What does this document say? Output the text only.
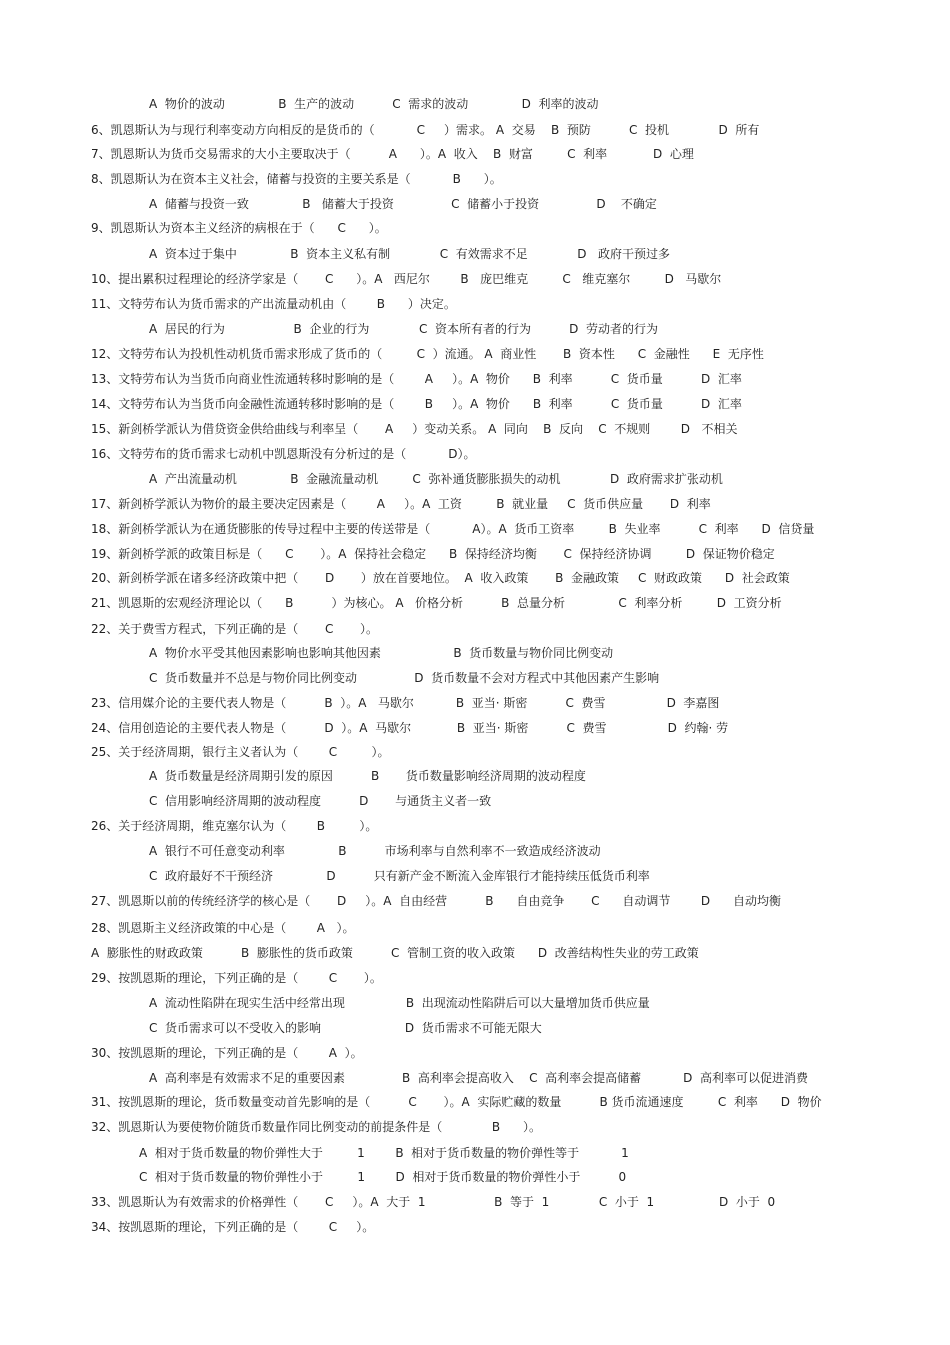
A  物价的波动              B  生产的波动          C  需求的波动              D  利率的波动
6、凯恩斯认为与现行利率变动方向相反的是货币的（           C     ）需求。 A  交易    B  预防          C  投机             D  所有
7、凯恩斯认为货币交易需求的大小主要取决于（          A      ）。A  收入    B  财富         C  利率            D  心理
8、凯恩斯认为在资本主义社会，储蓄与投资的主要关系是（           B      ）。
A  储蓄与投资一致              B   储蓄大于投资               C  储蓄小于投资               D    不确定
9、凯恩斯认为资本主义经济的病根在于（      C      ）。
A  资本过于集中              B  资本主义私有制             C  有效需求不足             D   政府干预过多
10、提出累积过程理论的经济学家是（       C      ）。A   西尼尔        B   庞巴维克         C   维克塞尔         D   马歇尔
11、文特劳布认为货币需求的产出流量动机由（        B      ）决定。
A  居民的行为                  B  企业的行为             C  资本所有者的行为          D  劳动者的行为
12、文特劳布认为投机性动机货币需求形成了货币的（         C  ）流通。 A  商业性       B  资本性      C  金融性      E  无序性
13、文特劳布认为当货币向商业性流通转移时影响的是（        A     ）。A  物价      B  利率          C  货币量          D  汇率
14、文特劳布认为当货币向金融性流通转移时影响的是（        B     ）。A  物价      B  利率          C  货币量          D  汇率
15、新剑桥学派认为借贷资金供给曲线与利率呈（       A     ）变动关系。 A  同向    B  反向    C  不规则        D   不相关
16、文特劳布的货币需求七动机中凯恩斯没有分析过的是（           D）。
A  产出流量动机              B  金融流量动机         C  弥补通货膨胀损失的动机             D  政府需求扩张动机
17、新剑桥学派认为物价的最主要决定因素是（        A     ）。A  工资         B  就业量     C  货币供应量       D  利率
18、新剑桥学派认为在通货膨胀的传导过程中主要的传送带是（           A）。A  货币工资率         B  失业率          C  利率      D  信贷量
19、新剑桥学派的政策目标是（      C       ）。A  保持社会稳定      B  保持经济均衡       C  保持经济协调         D  保证物价稳定
20、新剑桥学派在诸多经济政策中把（       D       ）放在首要地位。  A  收入政策       B  金融政策     C  财政政策      D  社会政策
21、凯恩斯的宏观经济理论以（      B          ）为核心。 A   价格分析          B  总量分析              C  利率分析         D  工资分析
22、关于费雪方程式，下列正确的是（       C       ）。
A  物价水平受其他因素影响也影响其他因素                   B  货币数量与物价同比例变动
C  货币数量并不总是与物价同比例变动               D  货币数量不会对方程式中其他因素产生影响
23、信用媒介论的主要代表人物是（          B  ）。A   马歇尔           B  亚当· 斯密          C  费雪                D  李嘉图
24、信用创造论的主要代表人物是（          D  ）。A  马歇尔            B  亚当· 斯密          C  费雪                D  约翰· 劳
25、关于经济周期，银行主义者认为（        C         ）。
A  货币数量是经济周期引发的原因          B       货币数量影响经济周期的波动程度
C  信用影响经济周期的波动程度          D       与通货主义者一致
26、关于经济周期，维克塞尔认为（        B         ）。
A  银行不可任意变动利率              B          市场利率与自然利率不一致造成经济波动
C  政府最好不干预经济              D          只有新产金不断流入金库银行才能持续压低货币利率
27、凯恩斯以前的传统经济学的核心是（       D     ）。A  自由经营          B      自由竞争       C      自动调节        D      自动均衡
28、凯恩斯主义经济政策的中心是（        A   ）。
A  膨胀性的财政政策          B  膨胀性的货币政策          C  管制工资的收入政策      D  改善结构性失业的劳工政策
29、按凯恩斯的理论，下列正确的是（        C       ）。
A  流动性陷阱在现实生活中经常出现                B  出现流动性陷阱后可以大量增加货币供应量
C  货币需求可以不受收入的影响                      D  货币需求不可能无限大
30、按凯恩斯的理论，下列正确的是（        A  ）。
A  高利率是有效需求不足的重要因素               B  高利率会提高收入    C  高利率会提高储蓄           D  高利率可以促进消费
31、按凯恩斯的理论，货币数量变动首先影响的是（          C       ）。A  实际贮藏的数量          B 货币流通速度         C  利率      D  物价
32、凯恩斯认为要使物价随货币数量作同比例变动的前提条件是（             B      ）。
A  相对于货币数量的物价弹性大于         1        B  相对于货币数量的物价弹性等于           1
C  相对于货币数量的物价弹性小于         1        D  相对于货币数量的物价弹性小于          0
33、凯恩斯认为有效需求的价格弹性（       C     ）。A  大于  1                  B  等于  1             C  小于  1                 D  小于  0
34、按凯恩斯的理论，下列正确的是（        C     ）。
